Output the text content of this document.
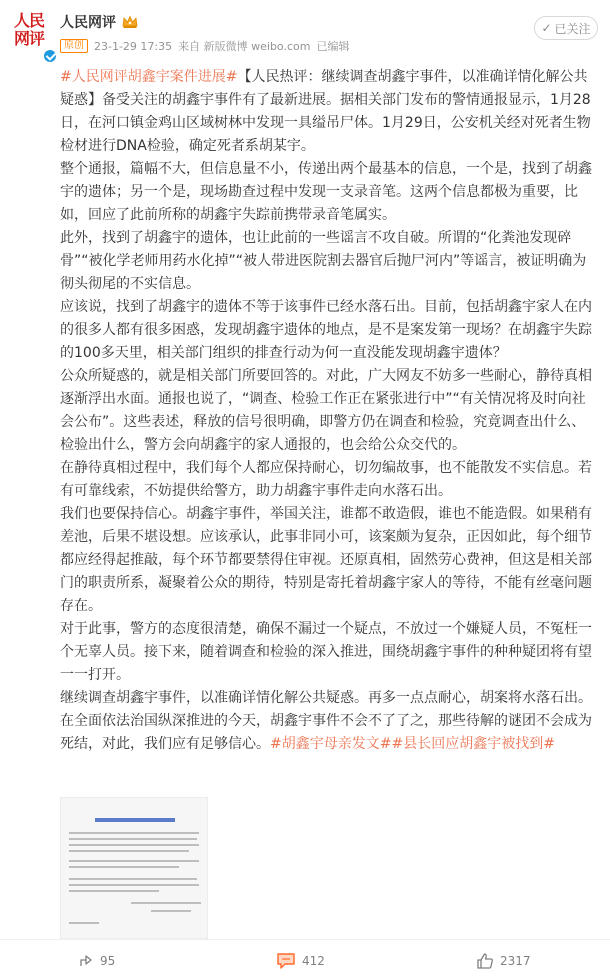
人民网评
人民网评
原创 23-1-29 17:35 来自 新版微博 weibo.com 已编辑
✓ 已关注

#人民网评胡鑫宇案件进展#【人民热评：继续调查胡鑫宇事件，以准确详情化解公共疑惑】备受关注的胡鑫宇事件有了最新进展。据相关部门发布的警情通报显示，1月28日，在河口镇金鸡山区域树林中发现一具缢吊尸体。1月29日，公安机关经对死者生物检材进行DNA检验，确定死者系胡某宇。

整个通报，篇幅不大，但信息量不小，传递出两个最基本的信息，一个是，找到了胡鑫宇的遗体；另一个是，现场勘查过程中发现一支录音笔。这两个信息都极为重要，比如，回应了此前所称的胡鑫宇失踪前携带录音笔属实。

此外，找到了胡鑫宇的遗体，也让此前的一些谣言不攻自破。所谓的“化粪池发现碎骨”“被化学老师用药水化掉”“被人带进医院割去器官后抛尸河内”等谣言，被证明确为彻头彻尾的不实信息。

应该说，找到了胡鑫宇的遗体不等于该事件已经水落石出。目前，包括胡鑫宇家人在内的很多人都有很多困惑，发现胡鑫宇遗体的地点，是不是案发第一现场？在胡鑫宇失踪的100多天里，相关部门组织的排查行动为何一直没能发现胡鑫宇遗体？

公众所疑惑的，就是相关部门所要回答的。对此，广大网友不妨多一些耐心，静待真相逐渐浮出水面。通报也说了，“调查、检验工作正在紧张进行中”“有关情况将及时向社会公布”。这些表述，释放的信号很明确，即警方仍在调查和检验，究竟调查出什么、检验出什么，警方会向胡鑫宇的家人通报的，也会给公众交代的。

在静待真相过程中，我们每个人都应保持耐心，切勿编故事，也不能散发不实信息。若有可靠线索，不妨提供给警方，助力胡鑫宇事件走向水落石出。

我们也要保持信心。胡鑫宇事件，举国关注，谁都不敢造假，谁也不能造假。如果稍有差池，后果不堪设想。应该承认，此事非同小可，该案颇为复杂，正因如此，每个细节都应经得起推敲，每个环节都要禁得住审视。还原真相，固然劳心费神，但这是相关部门的职责所系，凝聚着公众的期待，特别是寄托着胡鑫宇家人的等待，不能有丝毫问题存在。

对于此事，警方的态度很清楚，确保不漏过一个疑点，不放过一个嫌疑人员，不冤枉一个无辜人员。接下来，随着调查和检验的深入推进，围绕胡鑫宇事件的种种疑团将有望一一打开。

继续调查胡鑫宇事件，以准确详情化解公共疑惑。再多一点点耐心，胡案将水落石出。在全面依法治国纵深推进的今天，胡鑫宇事件不会不了了之，那些待解的谜团不会成为死结，对此，我们应有足够信心。#胡鑫宇母亲发文##县长回应胡鑫宇被找到#

95	412	2317
